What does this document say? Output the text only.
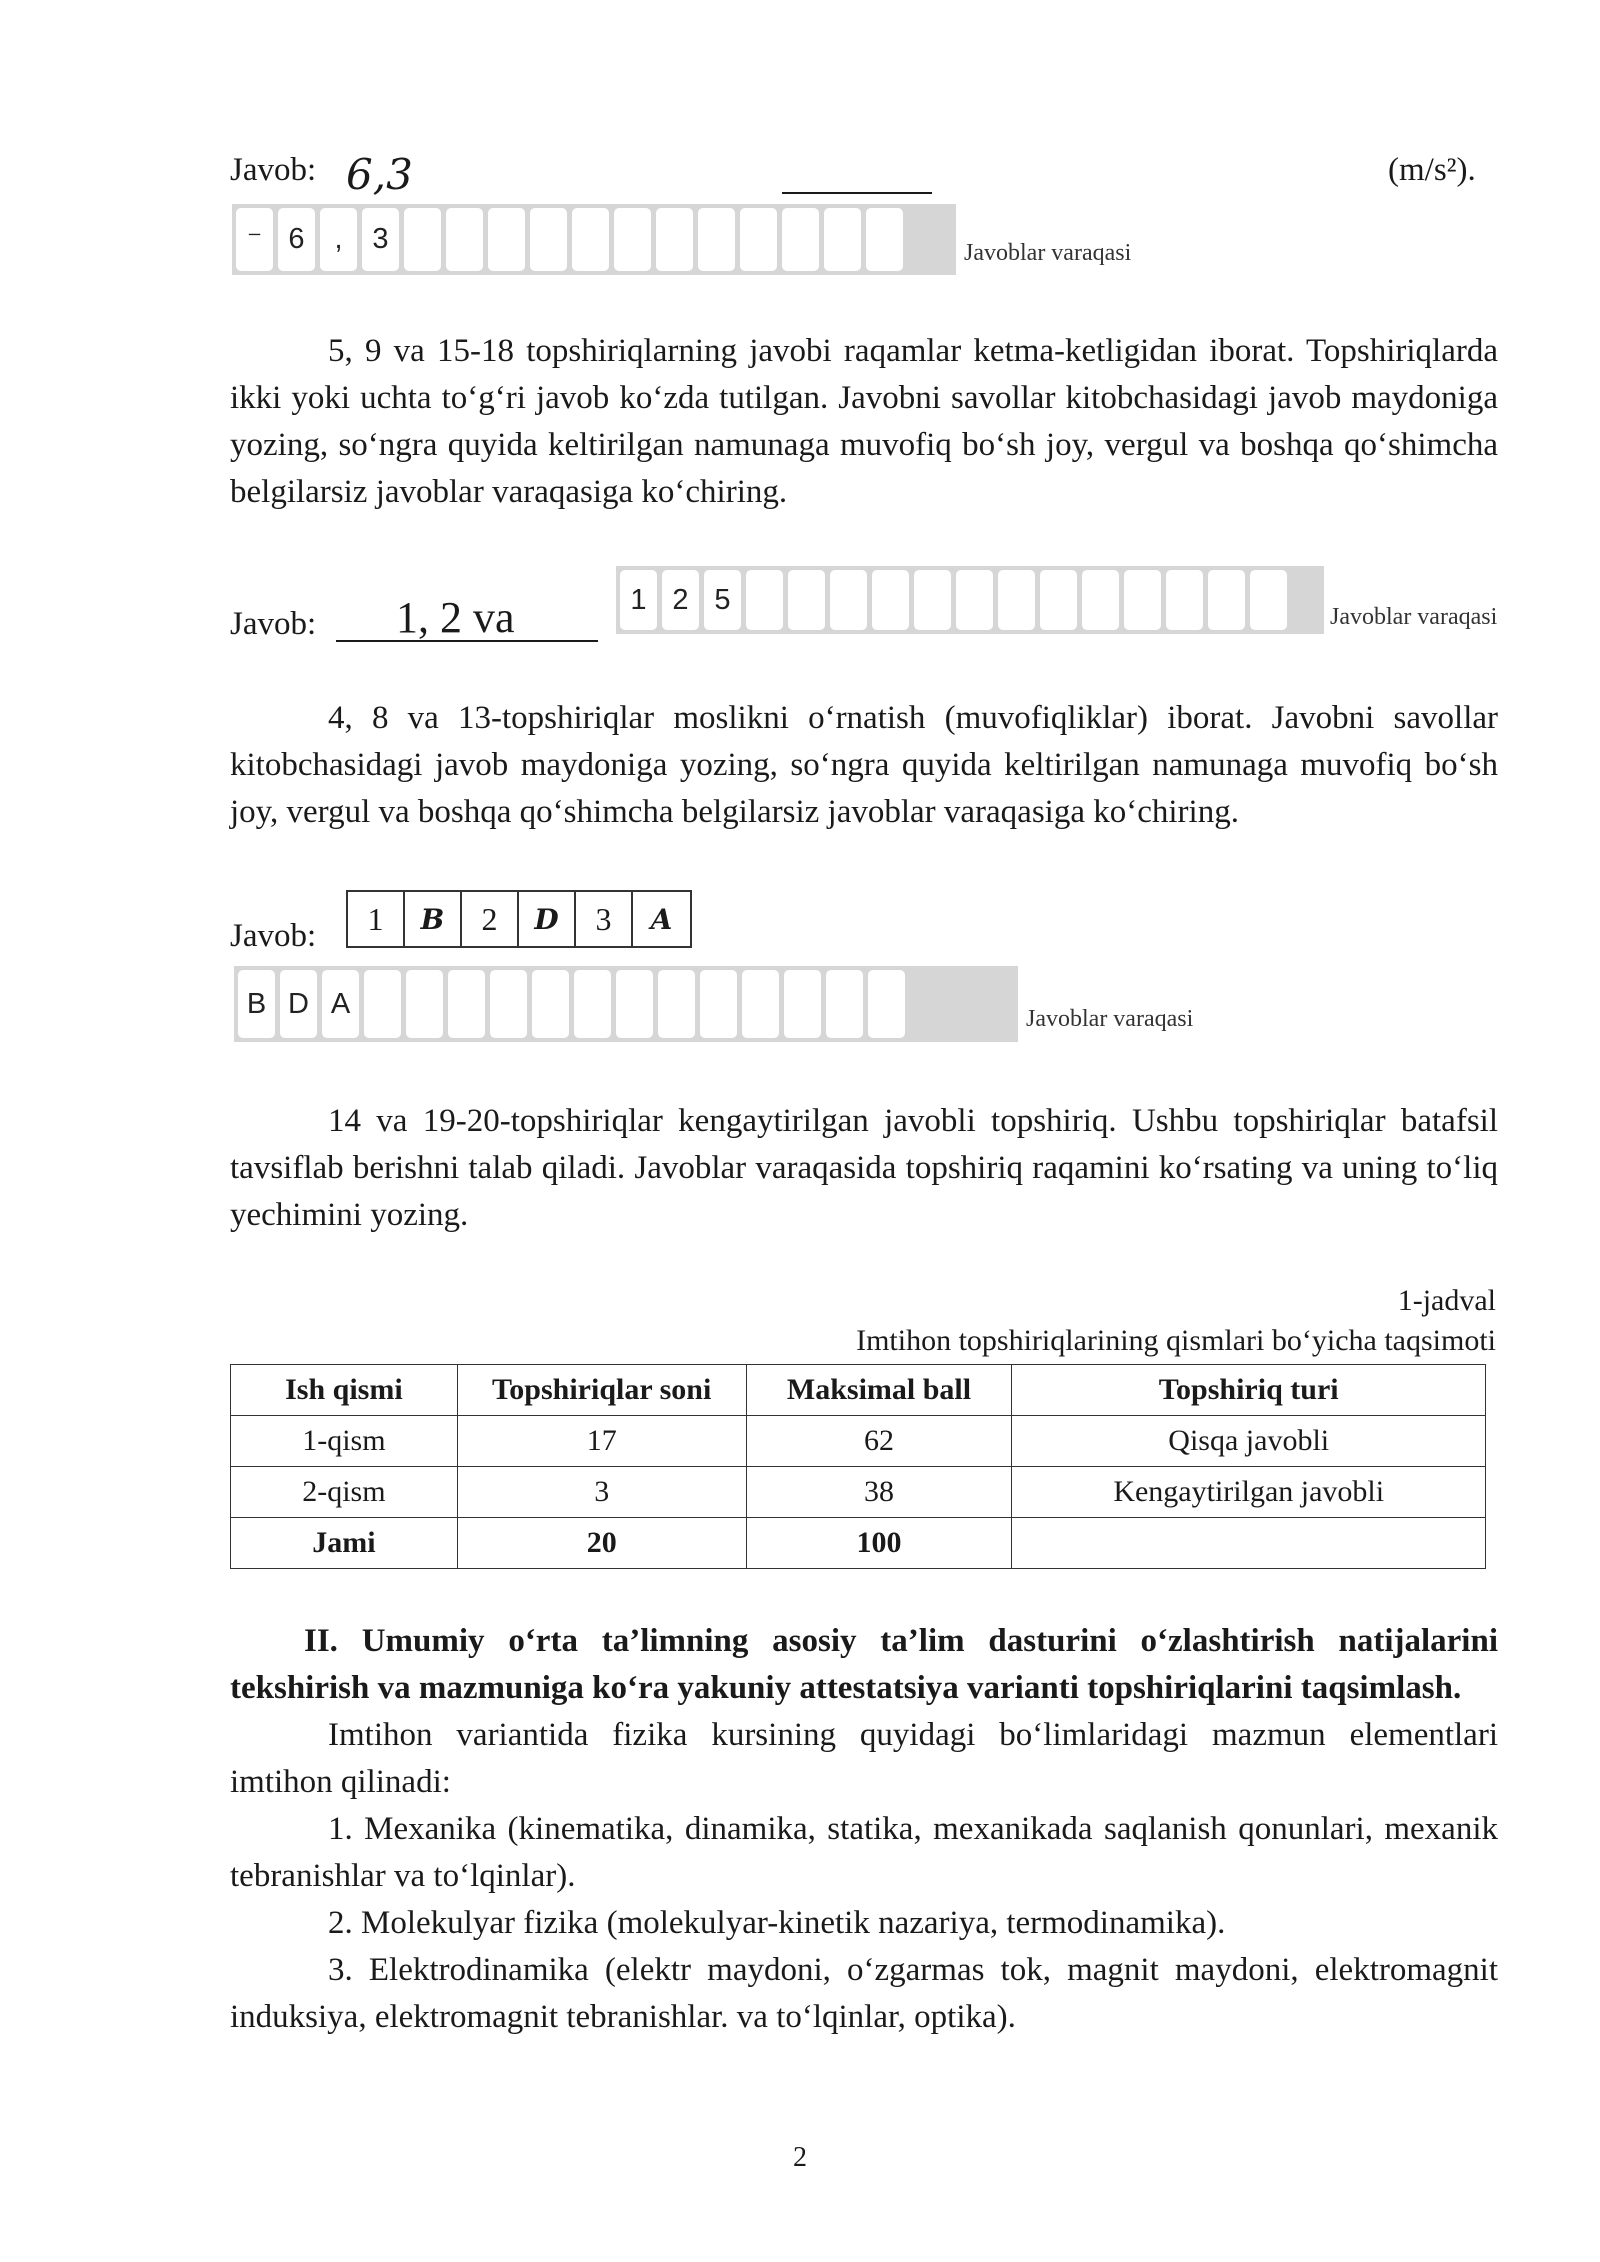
Javob: 6,3	(m/s²).
⁻ 6	,	3	Javoblar varaqasi

5, 9 va 15-18 topshiriqlarning javobi raqamlar ketma-ketligidan iborat. Topshiriqlarda ikki yoki uchta to‘g‘ri javob ko‘zda tutilgan. Javobni savollar kitobchasidagi javob maydoniga yozing, so‘ngra quyida keltirilgan namunaga muvofiq bo‘sh joy, vergul va boshqa qo‘shimcha belgilarsiz javoblar varaqasiga ko‘chiring.

Javob: 1, 2 va	1 2 5
Javoblar varaqasi

4, 8 va 13-topshiriqlar moslikni o‘rnatish (muvofiqliklar) iborat. Javobni savollar kitobchasidagi javob maydoniga yozing, so‘ngra quyida keltirilgan namunaga muvofiq bo‘sh joy, vergul va boshqa qo‘shimcha belgilarsiz javoblar varaqasiga ko‘chiring.

Javob:	1	B	2	D	3	A
B D A	Javoblar varaqasi

14 va 19-20-topshiriqlar kengaytirilgan javobli topshiriq. Ushbu topshiriqlar batafsil tavsiflab berishni talab qiladi. Javoblar varaqasida topshiriq raqamini ko‘rsating va uning to‘liq yechimini yozing.

1-jadval
Imtihon topshiriqlarining qismlari bo‘yicha taqsimoti
Ish qismi	Topshiriqlar soni	Maksimal ball	Topshiriq turi
1-qism	17	62	Qisqa javobli
2-qism	3	38	Kengaytirilgan javobli
Jami	20	100	

II. Umumiy o‘rta ta’limning asosiy ta’lim dasturini o‘zlashtirish natijalarini tekshirish va mazmuniga ko‘ra yakuniy attestatsiya varianti topshiriqlarini taqsimlash.

Imtihon variantida fizika kursining quyidagi bo‘limlaridagi mazmun elementlari imtihon qilinadi:

1. Mexanika (kinematika, dinamika, statika, mexanikada saqlanish qonunlari, mexanik tebranishlar va to‘lqinlar).

2. Molekulyar fizika (molekulyar-kinetik nazariya, termodinamika).

3. Elektrodinamika (elektr maydoni, o‘zgarmas tok, magnit maydoni, elektromagnit induksiya, elektromagnit tebranishlar. va to‘lqinlar, optika).

2
